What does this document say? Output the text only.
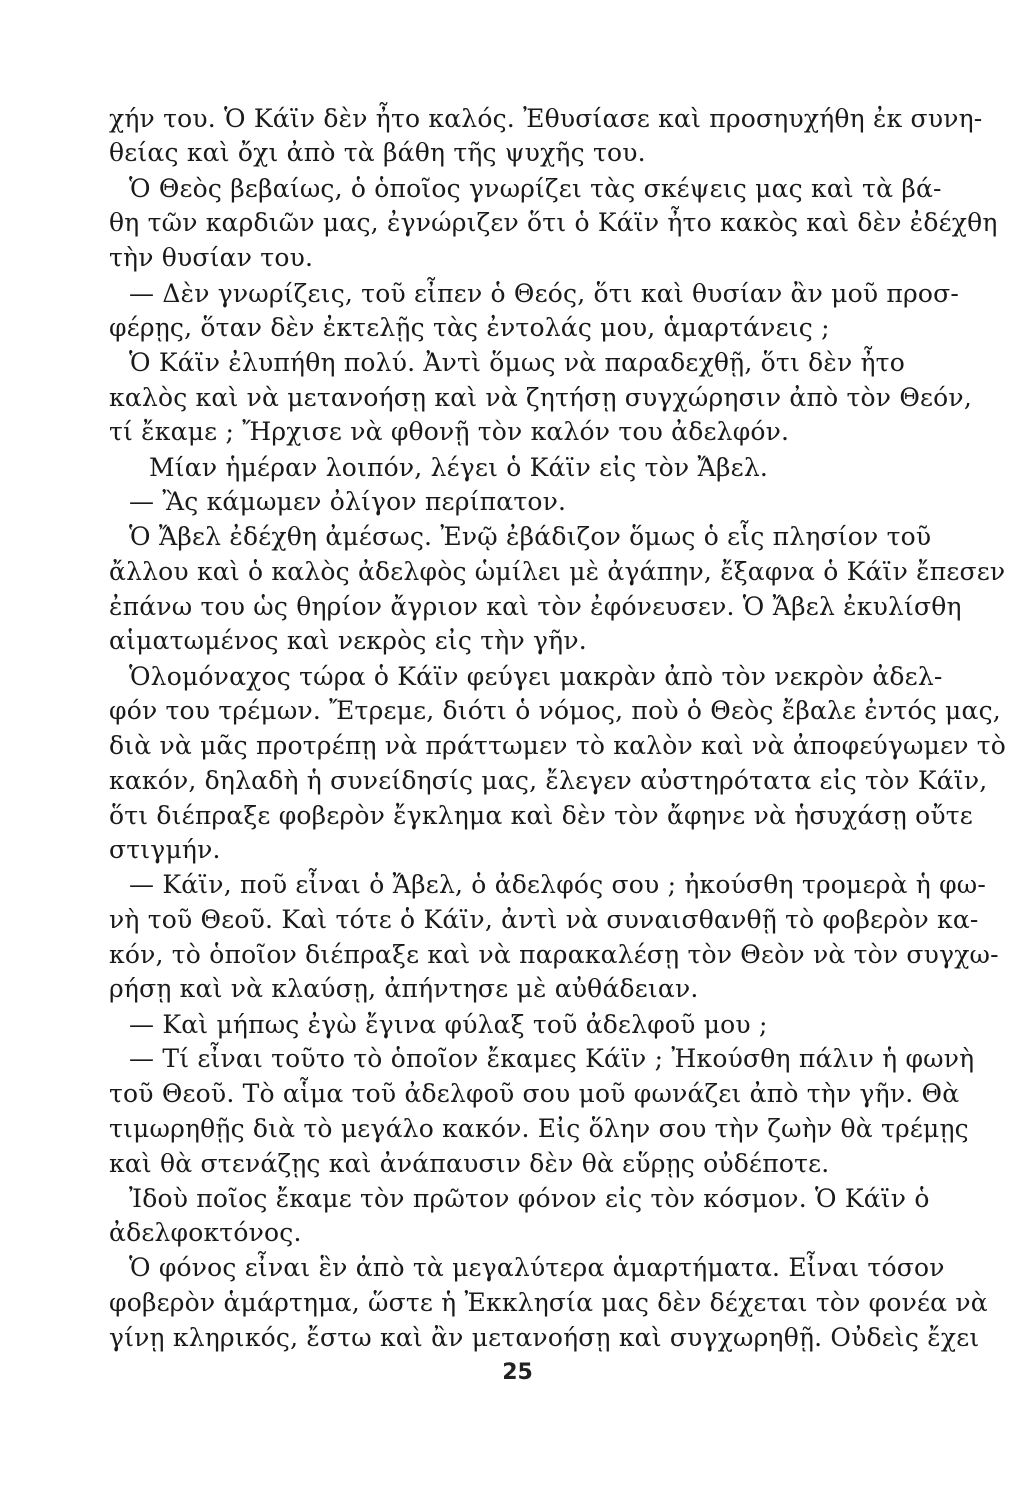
χήν του. Ὁ Κάϊν δὲν ἦτο καλός. Ἐθυσίασε καὶ προσηυχήθη ἐκ συνη-
θείας καὶ ὄχι ἀπὸ τὰ βάθη τῆς ψυχῆς του.
Ὁ Θεὸς βεβαίως, ὁ ὁποῖος γνωρίζει τὰς σκέψεις μας καὶ τὰ βά-
θη τῶν καρδιῶν μας, ἐγνώριζεν ὅτι ὁ Κάϊν ἦτο κακὸς καὶ δὲν ἐδέχθη
τὴν θυσίαν του.
— Δὲν γνωρίζεις, τοῦ εἶπεν ὁ Θεός, ὅτι καὶ θυσίαν ἂν μοῦ προσ-
φέρῃς, ὅταν δὲν ἐκτελῇς τὰς ἐντολάς μου, ἁμαρτάνεις ;
Ὁ Κάϊν ἐλυπήθη πολύ. Ἀντὶ ὅμως νὰ παραδεχθῇ, ὅτι δὲν ἦτο
καλὸς καὶ νὰ μετανοήσῃ καὶ νὰ ζητήσῃ συγχώρησιν ἀπὸ τὸν Θεόν,
τί ἔκαμε ; Ἤρχισε νὰ φθονῇ τὸν καλόν του ἀδελφόν.
Μίαν ἡμέραν λοιπόν, λέγει ὁ Κάϊν εἰς τὸν Ἄβελ.
— Ἂς κάμωμεν ὀλίγον περίπατον.
Ὁ Ἄβελ ἐδέχθη ἀμέσως. Ἐνῷ ἐβάδιζον ὅμως ὁ εἷς πλησίον τοῦ
ἄλλου καὶ ὁ καλὸς ἀδελφὸς ὡμίλει μὲ ἀγάπην, ἔξαφνα ὁ Κάϊν ἔπεσεν
ἐπάνω του ὡς θηρίον ἄγριον καὶ τὸν ἐφόνευσεν. Ὁ Ἄβελ ἐκυλίσθη
αἱματωμένος καὶ νεκρὸς εἰς τὴν γῆν.
Ὁλομόναχος τώρα ὁ Κάϊν φεύγει μακρὰν ἀπὸ τὸν νεκρὸν ἀδελ-
φόν του τρέμων. Ἔτρεμε, διότι ὁ νόμος, ποὺ ὁ Θεὸς ἔβαλε ἐντός μας,
διὰ νὰ μᾶς προτρέπῃ νὰ πράττωμεν τὸ καλὸν καὶ νὰ ἀποφεύγωμεν τὸ
κακόν, δηλαδὴ ἡ συνείδησίς μας, ἔλεγεν αὐστηρότατα εἰς τὸν Κάϊν,
ὅτι διέπραξε φοβερὸν ἔγκλημα καὶ δὲν τὸν ἄφηνε νὰ ἡσυχάσῃ οὔτε
στιγμήν.
— Κάϊν, ποῦ εἶναι ὁ Ἄβελ, ὁ ἀδελφός σου ; ἠκούσθη τρομερὰ ἡ φω-
νὴ τοῦ Θεοῦ. Καὶ τότε ὁ Κάϊν, ἀντὶ νὰ συναισθανθῇ τὸ φοβερὸν κα-
κόν, τὸ ὁποῖον διέπραξε καὶ νὰ παρακαλέσῃ τὸν Θεὸν νὰ τὸν συγχω-
ρήσῃ καὶ νὰ κλαύσῃ, ἀπήντησε μὲ αὐθάδειαν.
— Καὶ μήπως ἐγὼ ἔγινα φύλαξ τοῦ ἀδελφοῦ μου ;
— Τί εἶναι τοῦτο τὸ ὁποῖον ἔκαμες Κάϊν ; Ἠκούσθη πάλιν ἡ φωνὴ
τοῦ Θεοῦ. Τὸ αἷμα τοῦ ἀδελφοῦ σου μοῦ φωνάζει ἀπὸ τὴν γῆν. Θὰ
τιμωρηθῇς διὰ τὸ μεγάλο κακόν. Εἰς ὅλην σου τὴν ζωὴν θὰ τρέμῃς
καὶ θὰ στενάζῃς καὶ ἀνάπαυσιν δὲν θὰ εὕρῃς οὐδέποτε.
Ἰδοὺ ποῖος ἔκαμε τὸν πρῶτον φόνον εἰς τὸν κόσμον. Ὁ Κάϊν ὁ
ἀδελφοκτόνος.
Ὁ φόνος εἶναι ἓν ἀπὸ τὰ μεγαλύτερα ἁμαρτήματα. Εἶναι τόσον
φοβερὸν ἁμάρτημα, ὥστε ἡ Ἐκκλησία μας δὲν δέχεται τὸν φονέα νὰ
γίνῃ κληρικός, ἔστω καὶ ἂν μετανοήσῃ καὶ συγχωρηθῇ. Οὐδεὶς ἔχει
25
